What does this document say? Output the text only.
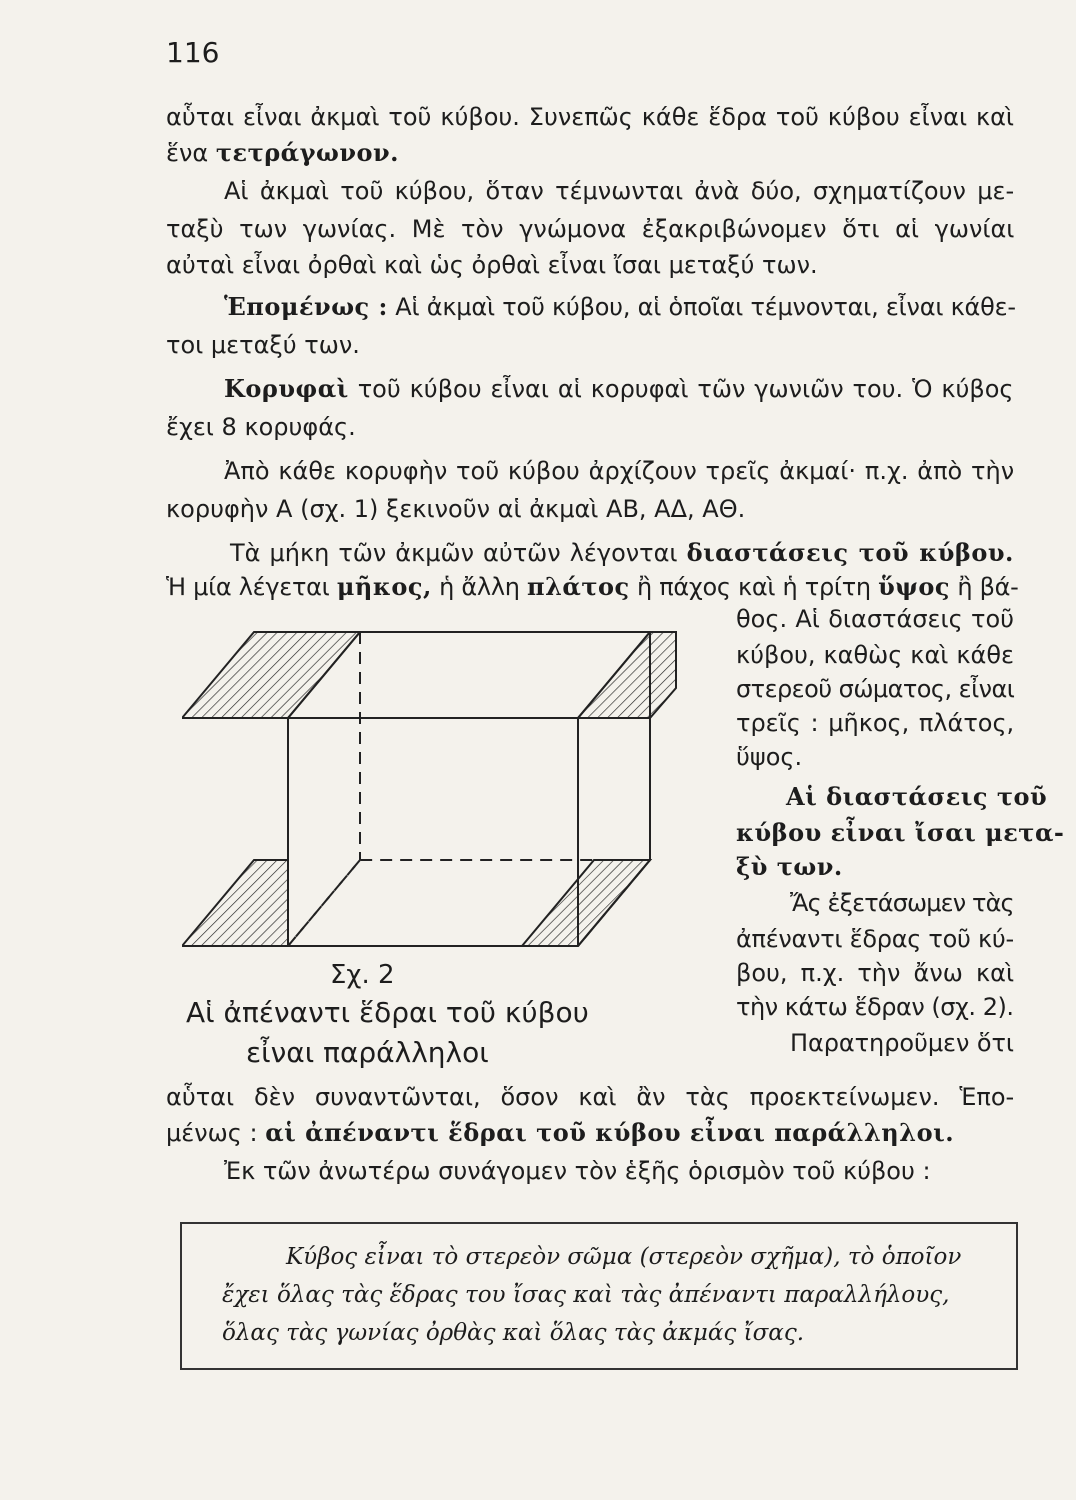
116
αὗται εἶναι ἀκμαὶ τοῦ κύβου. Συνεπῶς κάθε ἕδρα τοῦ κύβου εἶναι καὶ
ἕνα τετράγωνον.
Αἱ ἀκμαὶ τοῦ κύβου, ὅταν τέμνωνται ἀνὰ δύο, σχηματίζουν με-
ταξὺ των γωνίας. Μὲ τὸν γνώμονα ἐξακριβώνομεν ὅτι αἱ γωνίαι
αὐταὶ εἶναι ὀρθαὶ καὶ ὡς ὀρθαὶ εἶναι ἴσαι μεταξύ των.
Ἑπομένως : Αἱ ἀκμαὶ τοῦ κύβου, αἱ ὁποῖαι τέμνονται, εἶναι κάθε-
τοι μεταξύ των.
Κορυφαὶ τοῦ κύβου εἶναι αἱ κορυφαὶ τῶν γωνιῶν του. Ὁ κύβος
ἔχει 8 κορυφάς.
Ἀπὸ κάθε κορυφὴν τοῦ κύβου ἀρχίζουν τρεῖς ἀκμαί· π.χ. ἀπὸ τὴν
κορυφὴν Α (σχ. 1) ξεκινοῦν αἱ ἀκμαὶ ΑΒ, ΑΔ, ΑΘ.
Τὰ μήκη τῶν ἀκμῶν αὐτῶν λέγονται διαστάσεις τοῦ κύβου.
Ἡ μία λέγεται μῆκος, ἡ ἄλλη πλάτος ἢ πάχος καὶ ἡ τρίτη ὕψος ἢ βά-
θος. Αἱ διαστάσεις τοῦ
κύβου, καθὼς καὶ κάθε
στερεοῦ σώματος, εἶναι
τρεῖς : μῆκος, πλάτος,
ὕψος.
Αἱ διαστάσεις τοῦ
κύβου εἶναι ἴσαι μετα-
ξὺ των.
Ἄς ἐξετάσωμεν τὰς
ἀπέναντι ἕδρας τοῦ κύ-
βου, π.χ. τὴν ἄνω καὶ
τὴν κάτω ἕδραν (σχ. 2).
Παρατηροῦμεν ὅτι
Σχ. 2
Αἱ ἀπέναντι ἕδραι τοῦ κύβου
εἶναι παράλληλοι
αὗται δὲν συναντῶνται, ὅσον καὶ ἂν τὰς προεκτείνωμεν. Ἑπο-
μένως : αἱ ἀπέναντι ἕδραι τοῦ κύβου εἶναι παράλληλοι.
Ἐκ τῶν ἀνωτέρω συνάγομεν τὸν ἑξῆς ὁρισμὸν τοῦ κύβου :
Κύβος εἶναι τὸ στερεὸν σῶμα (στερεὸν σχῆμα), τὸ ὁποῖον
ἔχει ὅλας τὰς ἕδρας του ἴσας καὶ τὰς ἀπέναντι παραλλήλους,
ὅλας τὰς γωνίας ὀρθὰς καὶ ὅλας τὰς ἀκμάς ἴσας.
